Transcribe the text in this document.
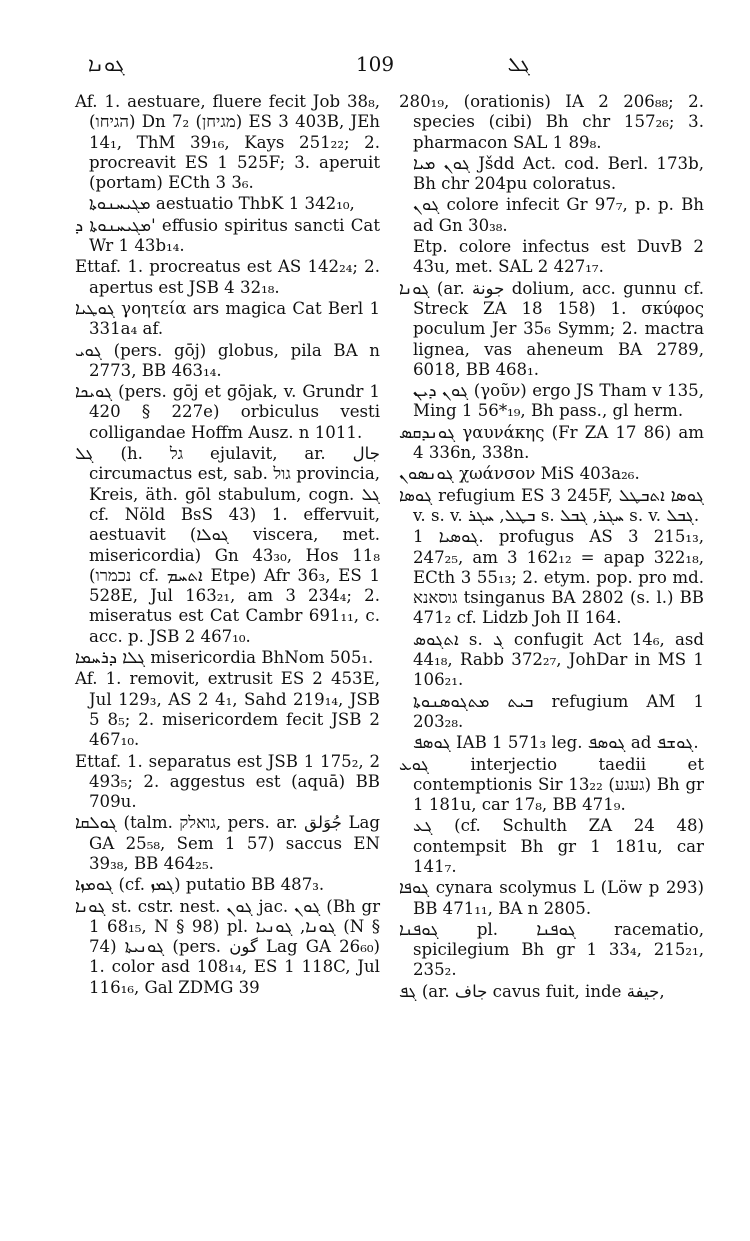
ܓܘܢܐ	109	ܓܠ

Af. 1. aestuare, fluere fecit Job 38₈, (הגיחו) Dn 7₂ (מגיחן) ES 3 403B, JEh 14₁, ThM 39₁₆, Kays 251₂₂; 2. procreavit ES 1 525F; 3. aperuit (portam) ECth 3 3₆.

ܡܓܝܚܢܘܬܐ aestuatio ThbK 1 342₁₀,

ܡܓܝܚܢܘܬܐ ܕ' effusio spiritus sancti Cat Wr 1 43b₁₄.

Ettaf. 1. procreatus est AS 142₂₄; 2. apertus est JSB 4 32₁₈.

ܓܘܛܝܐ γοητεία ars magica Cat Berl 1 331a₄ af.

ܓܘܝ (pers. gōj) globus, pila BA n 2773, BB 463₁₄.

ܓܘܝܟܐ (pers. gōj et gōjak, v. Grundr 1 420 § 227e) orbiculus vesti colligandae Hoffm Ausz. n 1011.

ܓܠ (h. גל ejulavit, ar. جال circumactus est, sab. גול provincia, Kreis, äth. gōl stabulum, cogn. ܓܠ cf. Nöld BsS 43) 1. effervuit, aestuavit (ܓܘܠܐ viscera, met. misericordia) Gn 43₃₀, Hos 11₈ (נכמרו cf. ܐܬܚܡ Etpe) Afr 36₃, ES 1 528E, Jul 163₂₁, am 3 234₄; 2. miseratus est Cat Cambr 691₁₁, c. acc. p. JSB 2 467₁₀.

ܓܠܐ ܕܪܚܡܐ misericordia BhNom 505₁.

Af. 1. removit, extrusit ES 2 453E, Jul 129₃, AS 2 4₁, Sahd 219₁₄, JSB 5 8₅; 2. misericordem fecit JSB 2 467₁₀.

Ettaf. 1. separatus est JSB 1 175₂, 2 493₅; 2. aggestus est (aquā) BB 709u.

ܓܘܠܩܐ (talm. גואלק, pers. ar. جُوَلق Lag GA 25₅₈, Sem 1 57) saccus EN 39₃₈, BB 464₂₅.

ܓܘܡܙܐ (cf. ܓܡܙ) putatio BB 487₃.

ܓܘܢܐ st. cstr. nest. ܓܘܢ jac. ܓܘܢ (Bh gr 1 68₁₅, N § 98) pl. ܓܘܢܐ, ܓܘܢܝܐ (N § 74) ܓܘܢܝܬܐ (pers. گون Lag GA 26₆₀) 1. color asd 108₁₄, ES 1 118C, Jul 116₁₆, Gal ZDMG 39

280₁₉, (orationis) IA 2 206₈₈; 2. species (cibi) Bh chr 157₂₆; 3. pharmacon SAL 1 89₈.

ܓܘܢ ܡܝܐ Jšdd Act. cod. Berl. 173b, Bh chr 204pu coloratus.

ܓܘܢ colore infecit Gr 97₇, p. p. Bh ad Gn 30₃₈.

Etp. colore infectus est DuvB 2 43u, met. SAL 2 427₁₇.

ܓܘܢܐ (ar. جونة dolium, acc. gunnu cf. Streck ZA 18 158) 1. σκύφος poculum Jer 35₆ Symm; 2. mactra lignea, vas aheneum BA 2789, 6018, BB 468₁.

ܓܘܢ ܕܝܢ (γοῦν) ergo JS Tham v 135, Ming 1 56*₁₉, Bh pass., gl herm.

ܓܘܢܕܩܣ γαυνάκης (Fr ZA 17 86) am 4 336n, 338n.

ܓܘܢܣܘܢ χωάνσον MiS 403a₂₆.

ܓܘܣܐ refugium ES 3 245F, ܓܘܣܐ ܐܬܒܛܠ v. s. v. ܒܛܠ, ܚܓܪ s. ܚܓܪ, ܓܒܠ s. v. ܓܒܠ.

ܓܘܣܝܐ 1. profugus AS 3 215₁₃, 247₂₅, am 3 162₁₂ = apap 322₁₈, ECth 3 55₁₃; 2. etym. pop. pro md. גוסאנא tsinganus BA 2802 (s. l.) BB 471₂ cf. Lidzb Joh II 164.

ܐܬܓܘܣ s. ܓ confugit Act 14₆, asd 44₁₈, Rabb 372₂₇, JohDar in MS 1 106₂₁.

ܒܝܬ ܡܬܓܘܣܢܘܬܐ refugium AM 1 203₂₈.

ܓܘܣܦ IAB 1 571₃ leg. ܓܘܣܦ ad ܓܘܫܦ.

ܓܘܥ interjectio taedii et contemptionis Sir 13₂₂ (געגע) Bh gr 1 181u, car 17₈, BB 471₉.

ܓܥ (cf. Schulth ZA 24 48) contempsit Bh gr 1 181u, car 141₇.

ܓܘܦܐ cynara scolymus L (Löw p 293) BB 471₁₁, BA n 2805.

ܓܘܦܢܐ pl. ܓܘܦܢܐ racematio, spicilegium Bh gr 1 33₄, 215₂₁, 235₂.

ܓܦ (ar. جاف cavus fuit, inde جيفة,
